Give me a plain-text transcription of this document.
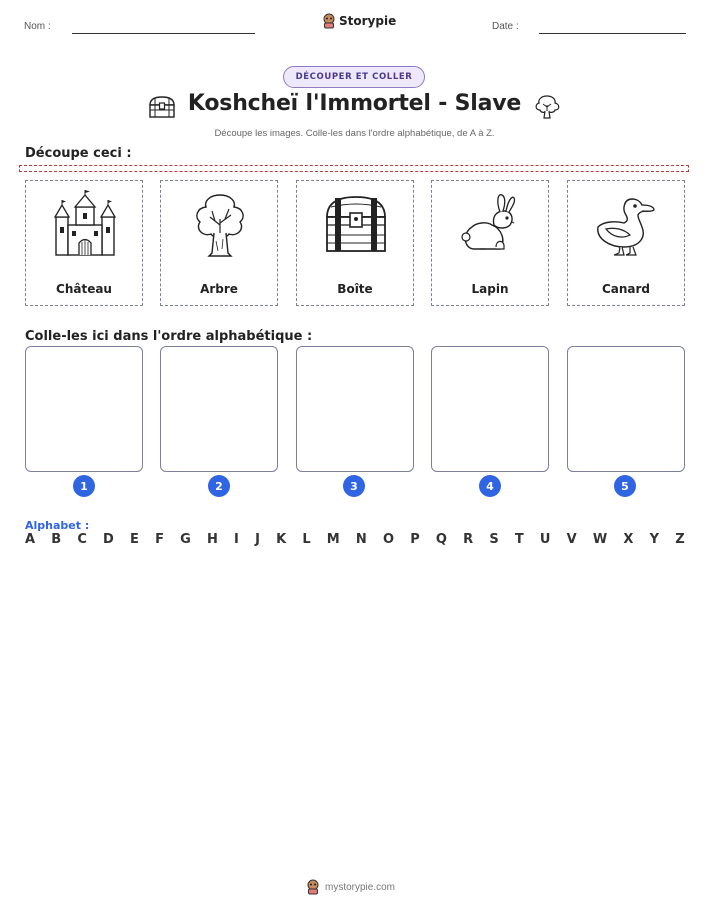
Nom :	Storypie	Date :
DÉCOUPER ET COLLER
Koshcheï l'Immortel - Slave
Découpe les images. Colle-les dans l'ordre alphabétique, de A à Z.
Découpe ceci :
Château	Arbre	Boîte	Lapin	Canard
Colle-les ici dans l'ordre alphabétique :
1	2	3	4	5
Alphabet :
A B C D E F G H I J K L M N O P Q R S T U V W X Y Z
mystorypie.com
